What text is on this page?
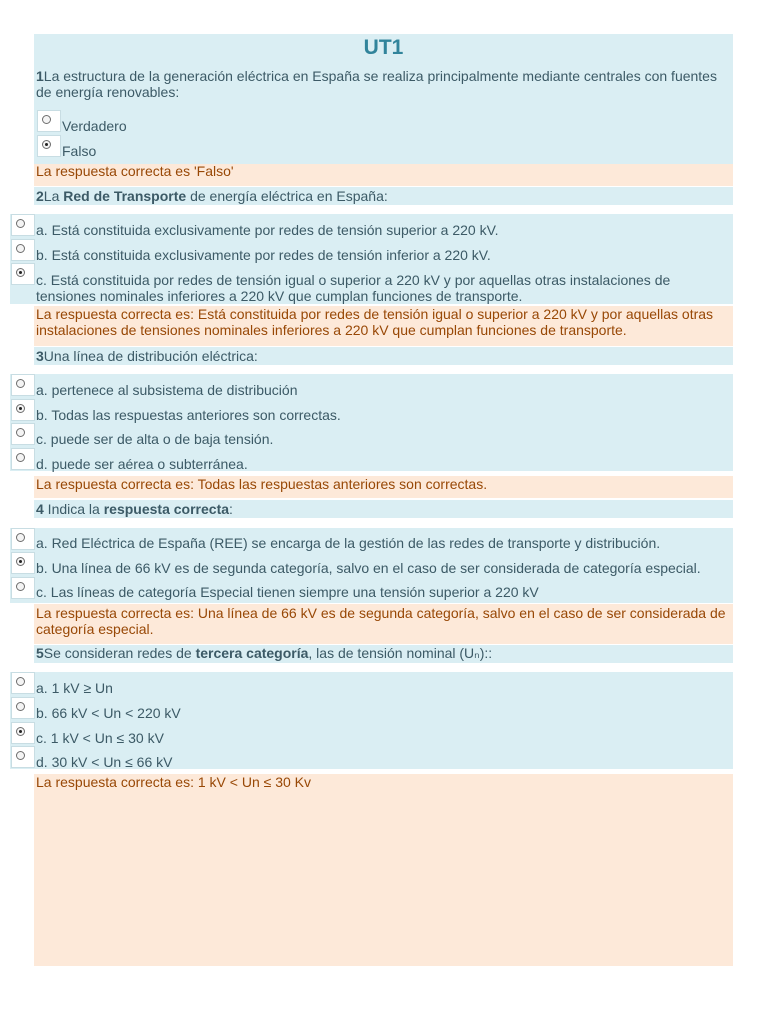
UT1
1La estructura de la generación eléctrica en España se realiza principalmente mediante centrales con fuentes de energía renovables:
Verdadero
Falso
La respuesta correcta es 'Falso'
2La Red de Transporte de energía eléctrica en España:
a. Está constituida exclusivamente por redes de tensión superior a 220 kV.
b. Está constituida exclusivamente por redes de tensión inferior a 220 kV.
c. Está constituida por redes de tensión igual o superior a 220 kV y por aquellas otras instalaciones de tensiones nominales inferiores a 220 kV que cumplan funciones de transporte.
La respuesta correcta es: Está constituida por redes de tensión igual o superior a 220 kV y por aquellas otras instalaciones de tensiones nominales inferiores a 220 kV que cumplan funciones de transporte.
3Una línea de distribución eléctrica:
a. pertenece al subsistema de distribución
b. Todas las respuestas anteriores son correctas.
c. puede ser de alta o de baja tensión.
d. puede ser aérea o subterránea.
La respuesta correcta es: Todas las respuestas anteriores son correctas.
4 Indica la respuesta correcta:
a. Red Eléctrica de España (REE) se encarga de la gestión de las redes de transporte y distribución.
b. Una línea de 66 kV es de segunda categoría, salvo en el caso de ser considerada de categoría especial.
c. Las líneas de categoría Especial tienen siempre una tensión superior a 220 kV
La respuesta correcta es: Una línea de 66 kV es de segunda categoría, salvo en el caso de ser considerada de categoría especial.
5Se consideran redes de tercera categoría, las de tensión nominal (Uₙ)::
a. 1 kV ≥ Un
b. 66 kV < Un < 220 kV
c. 1 kV < Un ≤ 30 kV
d. 30 kV < Un ≤ 66 kV
La respuesta correcta es: 1 kV < Un ≤ 30 Kv
